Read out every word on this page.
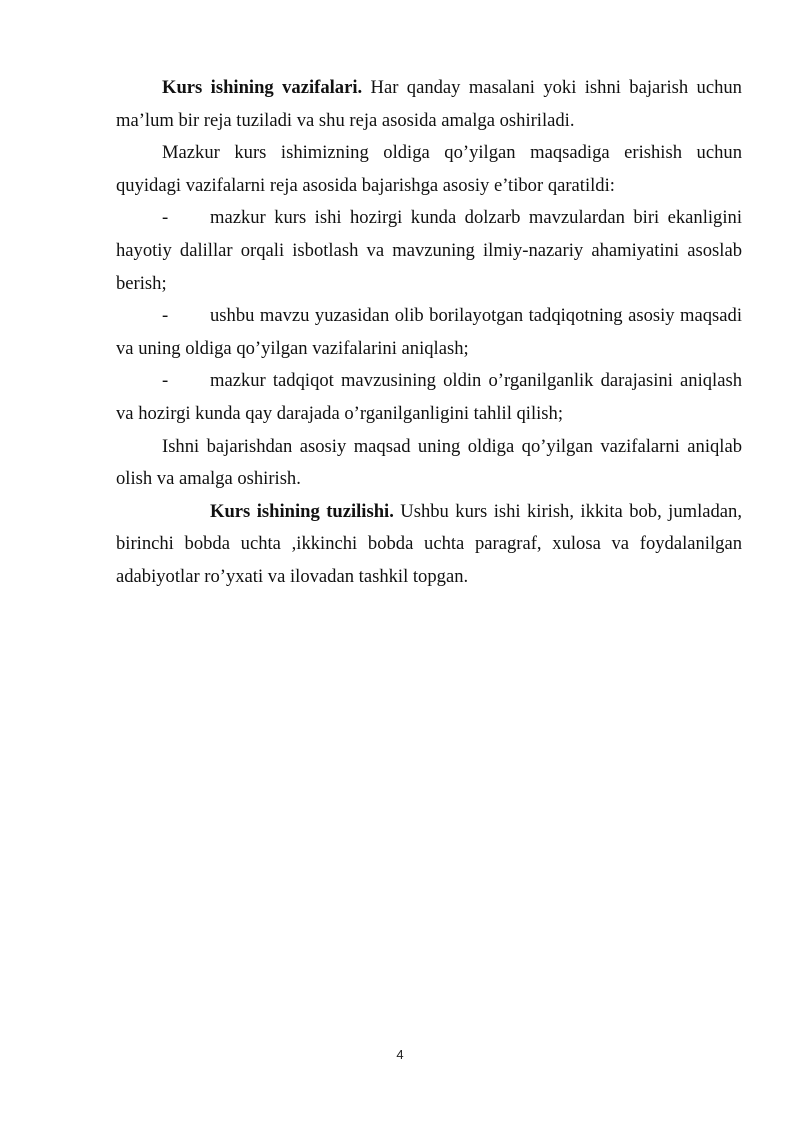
Kurs ishining vazifalari. Har qanday masalani yoki ishni bajarish uchun ma’lum bir reja tuziladi va shu reja asosida amalga oshiriladi.

Mazkur kurs ishimizning oldiga qo’yilgan maqsadiga erishish uchun quyidagi vazifalarni reja asosida bajarishga asosiy e’tibor qaratildi:

- mazkur kurs ishi hozirgi kunda dolzarb mavzulardan biri ekanligini hayotiy dalillar orqali isbotlash va mavzuning ilmiy-nazariy ahamiyatini asoslab berish;

- ushbu mavzu yuzasidan olib borilayotgan tadqiqotning asosiy maqsadi va uning oldiga qo’yilgan vazifalarini aniqlash;

- mazkur tadqiqot mavzusining oldin o’rganilganlik darajasini aniqlash va hozirgi kunda qay darajada o’rganilganligini tahlil qilish;

Ishni bajarishdan asosiy maqsad uning oldiga qo’yilgan vazifalarni aniqlab olish va amalga oshirish.

Kurs ishining tuzilishi. Ushbu kurs ishi kirish, ikkita bob, jumladan, birinchi bobda uchta ,ikkinchi bobda uchta paragraf, xulosa va foydalanilgan adabiyotlar ro’yxati va ilovadan tashkil topgan.

4
